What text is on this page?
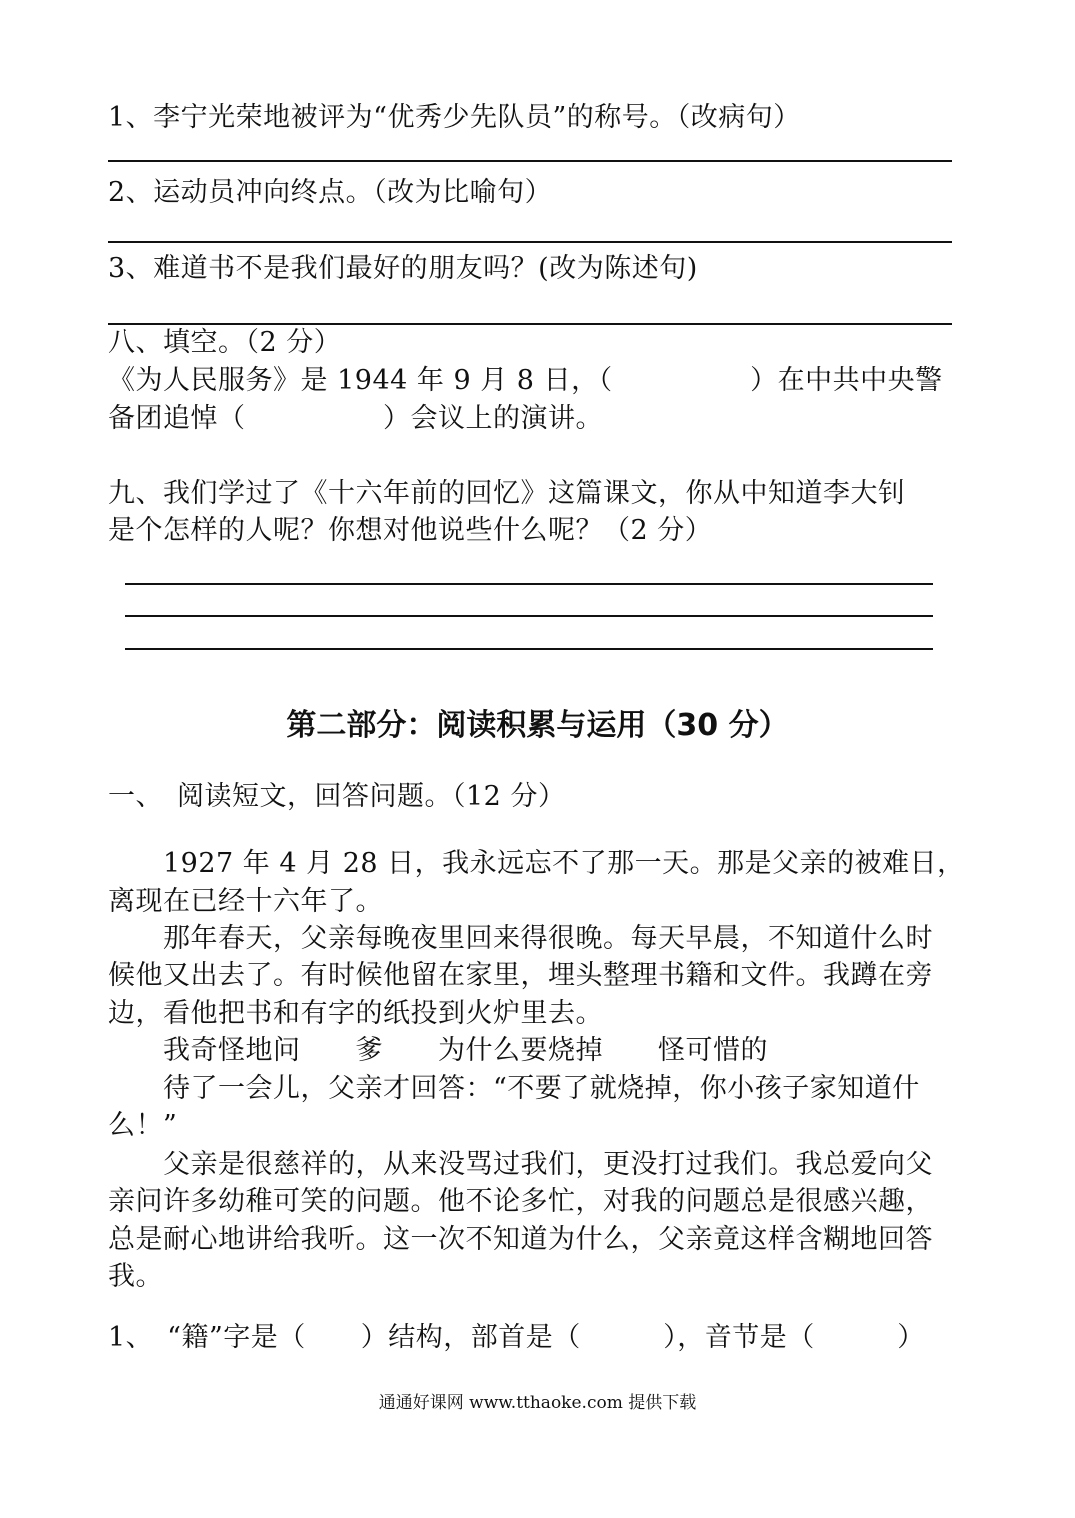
1、李宁光荣地被评为“优秀少先队员”的称号。（改病句）
2、运动员冲向终点。（改为比喻句）
3、难道书不是我们最好的朋友吗？(改为陈述句)
八、填空。（2 分）
《为人民服务》是 1944 年 9 月 8 日，（　　　　　）在中共中央警
备团追悼（　　　　　）会议上的演讲。
九、我们学过了《十六年前的回忆》这篇课文，你从中知道李大钊
是个怎样的人呢？你想对他说些什么呢？（2 分）
第二部分：阅读积累与运用（30 分）
一、　阅读短文，回答问题。（12 分）
　　1927 年 4 月 28 日，我永远忘不了那一天。那是父亲的被难日，
离现在已经十六年了。
　　那年春天，父亲每晚夜里回来得很晚。每天早晨，不知道什么时
候他又出去了。有时候他留在家里，埋头整理书籍和文件。我蹲在旁
边，看他把书和有字的纸投到火炉里去。
　　我奇怪地问　　爹　　为什么要烧掉　　怪可惜的
　　待了一会儿，父亲才回答：“不要了就烧掉，你小孩子家知道什
么！”
　　父亲是很慈祥的，从来没骂过我们，更没打过我们。我总爱向父
亲问许多幼稚可笑的问题。他不论多忙，对我的问题总是很感兴趣，
总是耐心地讲给我听。这一次不知道为什么，父亲竟这样含糊地回答
我。
1、　“籍”字是（　　）结构，部首是（　　　），音节是（　　　）
通通好课网 www.tthaoke.com 提供下载
